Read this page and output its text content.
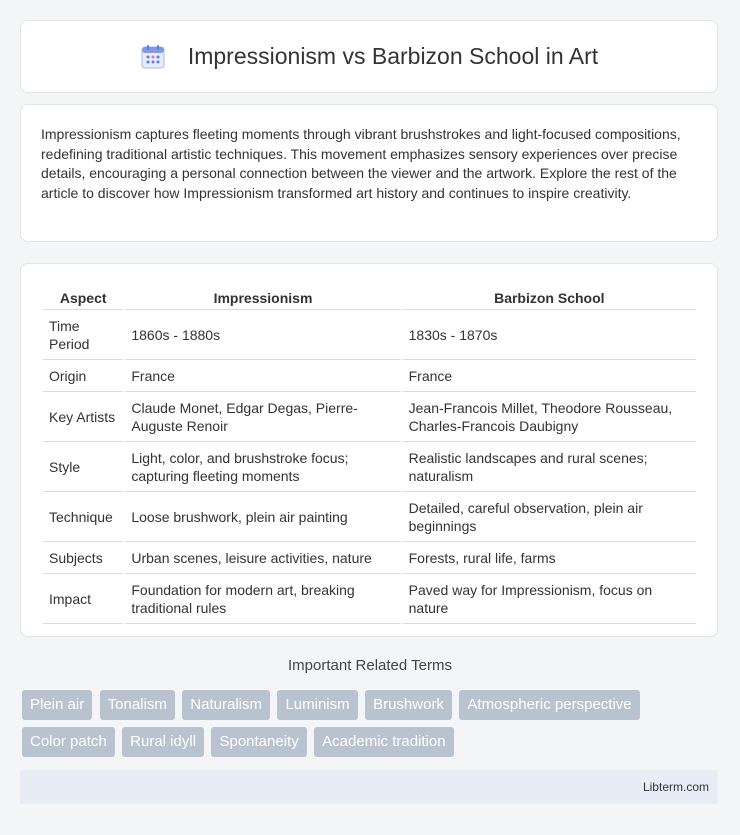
Impressionism vs Barbizon School in Art

Impressionism captures fleeting moments through vibrant brushstrokes and light-focused compositions, redefining traditional artistic techniques. This movement emphasizes sensory experiences over precise details, encouraging a personal connection between the viewer and the artwork. Explore the rest of the article to discover how Impressionism transformed art history and continues to inspire creativity.

Aspect	Impressionism	Barbizon School
Time Period	1860s - 1880s	1830s - 1870s
Origin	France	France
Key Artists	Claude Monet, Edgar Degas, Pierre-Auguste Renoir	Jean-Francois Millet, Theodore Rousseau, Charles-Francois Daubigny
Style	Light, color, and brushstroke focus; capturing fleeting moments	Realistic landscapes and rural scenes; naturalism
Technique	Loose brushwork, plein air painting	Detailed, careful observation, plein air beginnings
Subjects	Urban scenes, leisure activities, nature	Forests, rural life, farms
Impact	Foundation for modern art, breaking traditional rules	Paved way for Impressionism, focus on nature
Important Related Terms
Plein air Tonalism Naturalism Luminism Brushwork Atmospheric perspective Color patch Rural idyll Spontaneity Academic tradition
Libterm.com
